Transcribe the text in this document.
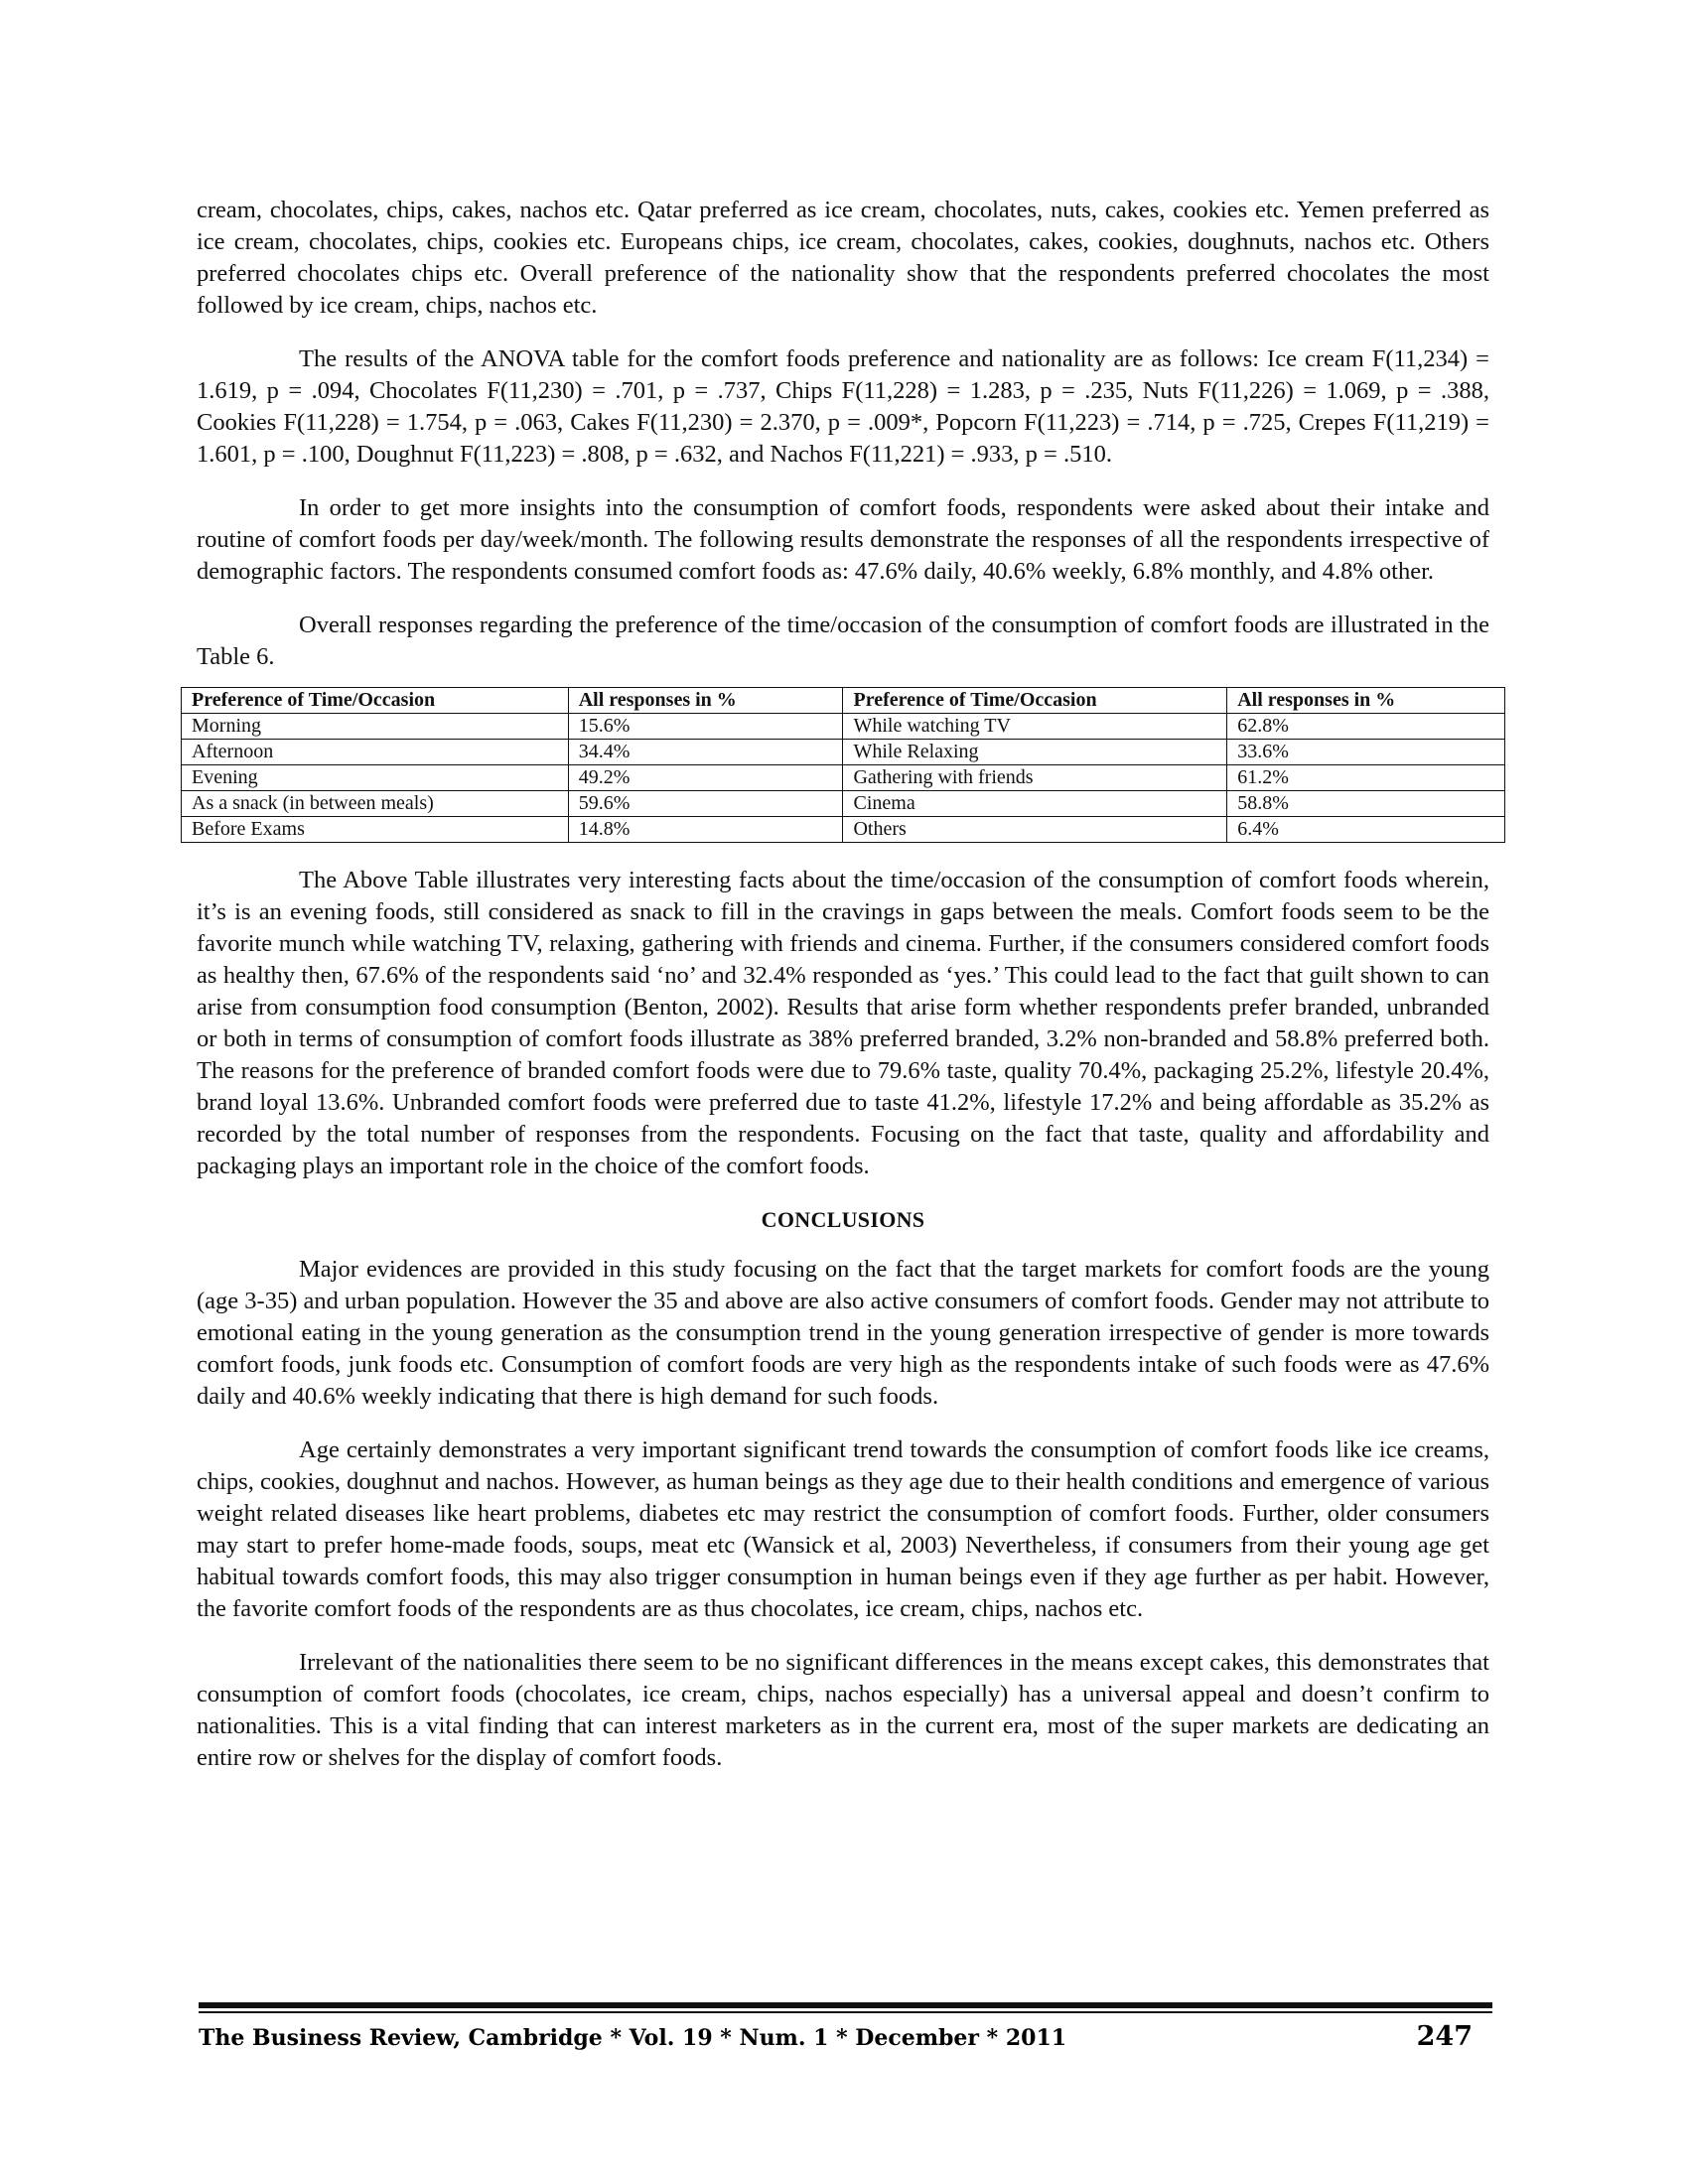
cream, chocolates, chips, cakes, nachos etc. Qatar preferred as ice cream, chocolates, nuts, cakes, cookies etc. Yemen preferred as ice cream, chocolates, chips, cookies etc. Europeans chips, ice cream, chocolates, cakes, cookies, doughnuts, nachos etc. Others preferred chocolates chips etc. Overall preference of the nationality show that the respondents preferred chocolates the most followed by ice cream, chips, nachos etc.

The results of the ANOVA table for the comfort foods preference and nationality are as follows: Ice cream F(11,234) = 1.619, p = .094, Chocolates F(11,230) = .701, p = .737, Chips F(11,228) = 1.283, p = .235, Nuts F(11,226) = 1.069, p = .388, Cookies F(11,228) = 1.754, p = .063, Cakes F(11,230) = 2.370, p = .009*, Popcorn F(11,223) = .714, p = .725, Crepes F(11,219) = 1.601, p = .100, Doughnut F(11,223) = .808, p = .632, and Nachos F(11,221) = .933, p = .510.

In order to get more insights into the consumption of comfort foods, respondents were asked about their intake and routine of comfort foods per day/week/month. The following results demonstrate the responses of all the respondents irrespective of demographic factors. The respondents consumed comfort foods as: 47.6% daily, 40.6% weekly, 6.8% monthly, and 4.8% other.

Overall responses regarding the preference of the time/occasion of the consumption of comfort foods are illustrated in the Table 6.

Preference of Time/Occasion	All responses in %	Preference of Time/Occasion	All responses in %
Morning	15.6%	While watching TV	62.8%
Afternoon	34.4%	While Relaxing	33.6%
Evening	49.2%	Gathering with friends	61.2%
As a snack (in between meals)	59.6%	Cinema	58.8%
Before Exams	14.8%	Others	6.4%

The Above Table illustrates very interesting facts about the time/occasion of the consumption of comfort foods wherein, it’s is an evening foods, still considered as snack to fill in the cravings in gaps between the meals. Comfort foods seem to be the favorite munch while watching TV, relaxing, gathering with friends and cinema. Further, if the consumers considered comfort foods as healthy then, 67.6% of the respondents said ‘no’ and 32.4% responded as ‘yes.’ This could lead to the fact that guilt shown to can arise from consumption food consumption (Benton, 2002). Results that arise form whether respondents prefer branded, unbranded or both in terms of consumption of comfort foods illustrate as 38% preferred branded, 3.2% non-branded and 58.8% preferred both. The reasons for the preference of branded comfort foods were due to 79.6% taste, quality 70.4%, packaging 25.2%, lifestyle 20.4%, brand loyal 13.6%. Unbranded comfort foods were preferred due to taste 41.2%, lifestyle 17.2% and being affordable as 35.2% as recorded by the total number of responses from the respondents. Focusing on the fact that taste, quality and affordability and packaging plays an important role in the choice of the comfort foods.

CONCLUSIONS

Major evidences are provided in this study focusing on the fact that the target markets for comfort foods are the young (age 3-35) and urban population. However the 35 and above are also active consumers of comfort foods. Gender may not attribute to emotional eating in the young generation as the consumption trend in the young generation irrespective of gender is more towards comfort foods, junk foods etc. Consumption of comfort foods are very high as the respondents intake of such foods were as 47.6% daily and 40.6% weekly indicating that there is high demand for such foods.

Age certainly demonstrates a very important significant trend towards the consumption of comfort foods like ice creams, chips, cookies, doughnut and nachos. However, as human beings as they age due to their health conditions and emergence of various weight related diseases like heart problems, diabetes etc may restrict the consumption of comfort foods. Further, older consumers may start to prefer home-made foods, soups, meat etc (Wansick et al, 2003) Nevertheless, if consumers from their young age get habitual towards comfort foods, this may also trigger consumption in human beings even if they age further as per habit. However, the favorite comfort foods of the respondents are as thus chocolates, ice cream, chips, nachos etc.

Irrelevant of the nationalities there seem to be no significant differences in the means except cakes, this demonstrates that consumption of comfort foods (chocolates, ice cream, chips, nachos especially) has a universal appeal and doesn’t confirm to nationalities. This is a vital finding that can interest marketers as in the current era, most of the super markets are dedicating an entire row or shelves for the display of comfort foods.

The Business Review, Cambridge * Vol. 19 * Num. 1 * December * 2011	247
